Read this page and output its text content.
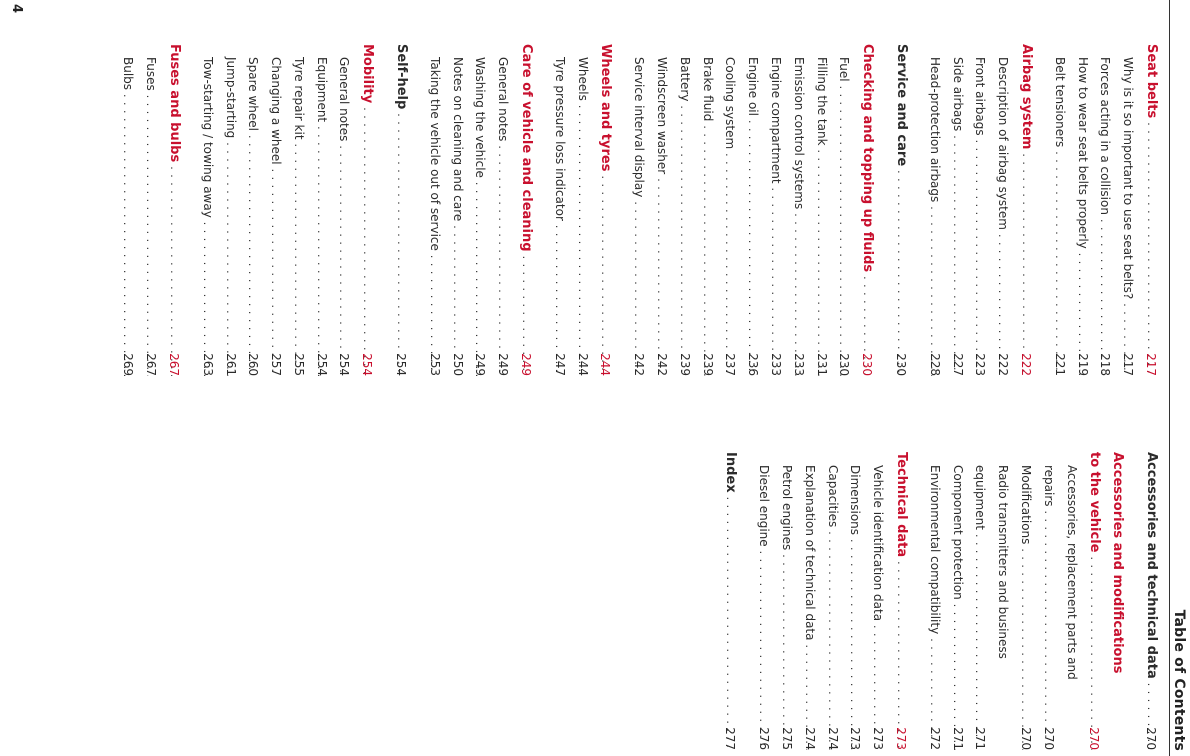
Table of Contents
Seat belts . . .
217
Why is it so important to use seat belts? . . .
217
Forces acting in a collision . . .
218
How to wear seat belts properly . . .
219
Belt tensioners . . .
221
Airbag system . . .
222
Description of airbag system . . .
222
Front airbags . . .
223
Side airbags . . .
227
Head-protection airbags . . .
228
Service and care . . .
230
Checking and topping up fluids . . .
230
Fuel . . .
230
Filling the tank . . .
231
Emission control systems . . .
233
Engine compartment . . .
233
Engine oil . . .
236
Cooling system . . .
237
Brake fluid . . .
239
Battery . . .
239
Windscreen washer . . .
242
Service interval display . . .
242
Wheels and tyres . . .
244
Wheels . . .
244
Tyre pressure loss indicator . . .
247
Care of vehicle and cleaning . . .
249
General notes . . .
249
Washing the vehicle . . .
249
Notes on cleaning and care . . .
250
Taking the vehicle out of service . . .
253
Self-help . . .
254
Mobility . . .
254
General notes . . .
254
Equipment . . .
254
Tyre repair kit . . .
255
Changing a wheel . . .
257
Spare wheel . . .
260
Jump-starting . . .
261
Tow-starting / towing away . . .
263
Fuses and bulbs . . .
267
Fuses . . .
267
Bulbs . . .
269
Accessories and technical data . . .
270
Accessories and modifications
to the vehicle . . .
270
Accessories, replacement parts and
repairs . . .
270
Modifications . . .
270
Radio transmitters and business
equipment . . .
271
Component protection . . .
271
Environmental compatibility . . .
272
Technical data . . .
273
Vehicle identification data . . .
273
Dimensions . . .
273
Capacities . . .
274
Explanation of technical data . . .
274
Petrol engines . . .
275
Diesel engine . . .
276
Index . . .
277
4
